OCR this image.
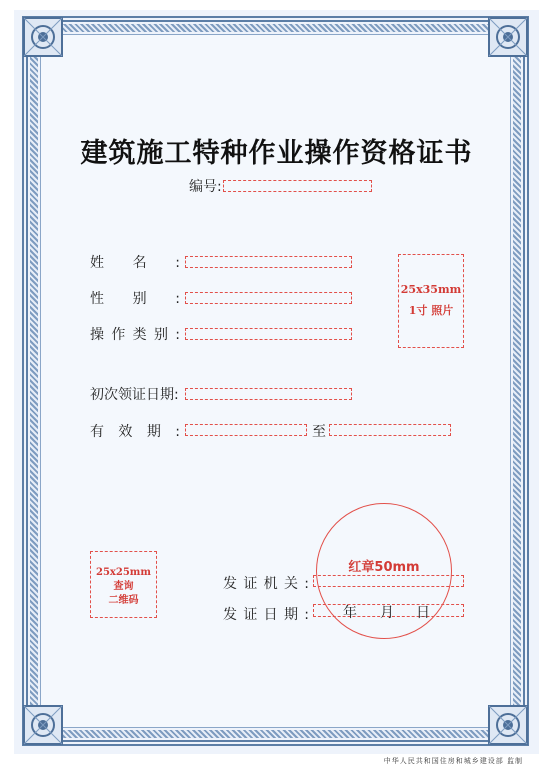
建筑施工特种作业操作资格证书
编号:
姓名:
性别:
操作类别:
25x35mm
1寸 照片
初次领证日期:
有效期:	至
25x25mm
查询
二维码
红章50mm
发证机关:
发证日期: 年 月 日
中华人民共和国住房和城乡建设部 监制
